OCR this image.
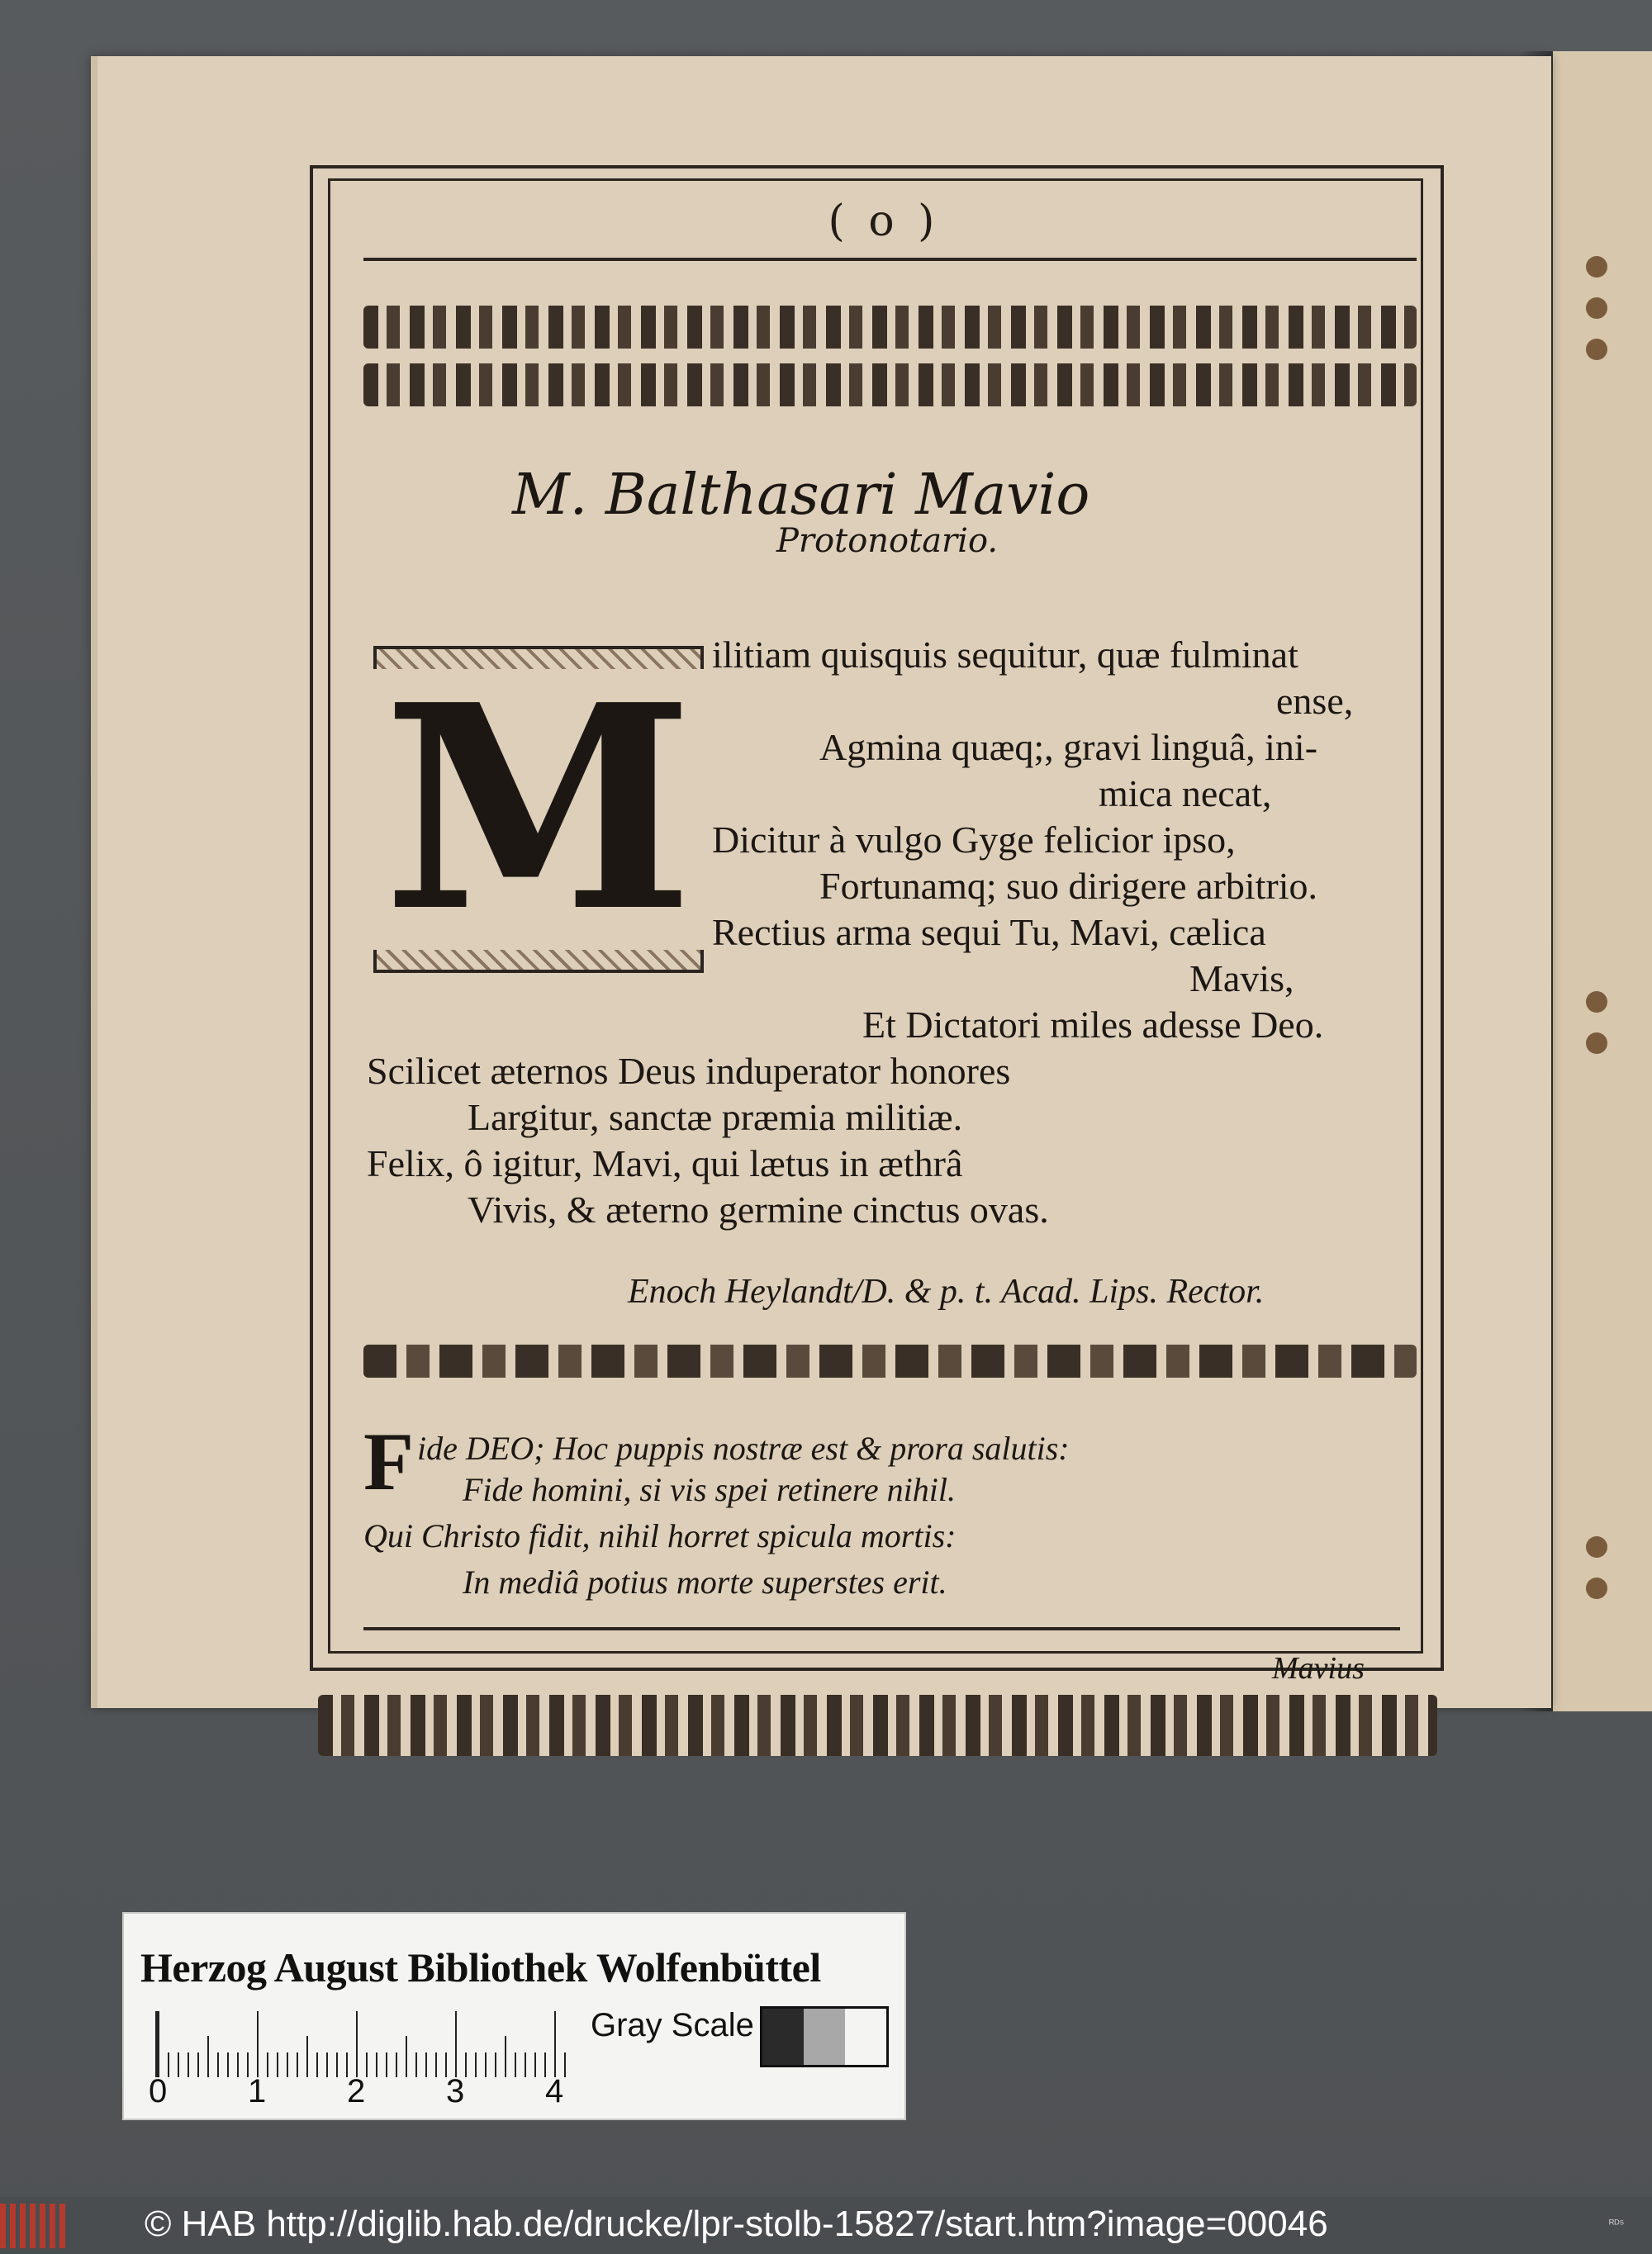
( o )
M. Balthasari Mavio
Protonotario.
M ilitiam quisquis sequitur, quæ fulminat
ense,
Agmina quæq;, gravi linguâ, ini-
mica necat,
Dicitur à vulgo Gyge felicior ipso,
Fortunamq; suo dirigere arbitrio.
Rectius arma sequi Tu, Mavi, cælica
Mavis,
Et Dictatori miles adesse Deo.
Scilicet æternos Deus induperator honores
Largitur, sanctæ præmia militiæ.
Felix, ô igitur, Mavi, qui lætus in æthrâ
Vivis, & æterno germine cinctus ovas.
Enoch Heylandt/D. & p. t. Acad. Lips. Rector.
F ide DEO; Hoc puppis nostræ est & prora salutis:
Fide homini, si vis spei retinere nihil.
Qui Christo fidit, nihil horret spicula mortis:
In mediâ potius morte superstes erit.
Mavius
Herzog August Bibliothek Wolfenbüttel
Gray Scale
0 1 2 3 4
© HAB http://diglib.hab.de/drucke/lpr-stolb-15827/start.htm?image=00046	ᴿᴰ⁵
